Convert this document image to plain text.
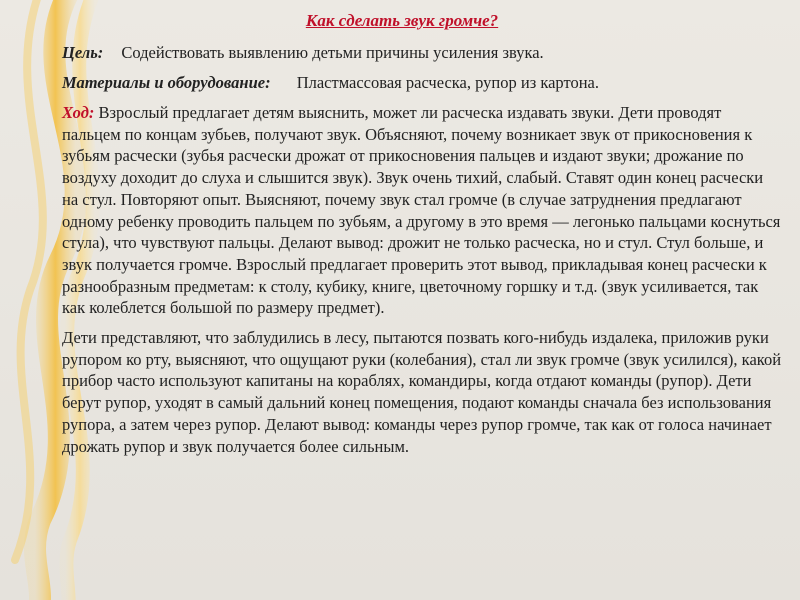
Как сделать звук громче?
Цель: Содействовать выявлению детьми причины усиления звука.
Материалы и оборудование: Пластмассовая расческа, рупор из картона.
Ход: Взрослый предлагает детям выяснить, может ли расческа издавать звуки. Дети проводят пальцем по концам зубьев, получают звук. Объясняют, почему возникает звук от прикосновения к зубьям расчески (зубья расчески дрожат от прикосновения пальцев и издают звуки; дрожание по воздуху доходит до слуха и слышится звук). Звук очень тихий, слабый. Ставят один конец расчески на стул. Повторяют опыт. Выясняют, почему звук стал громче (в случае затруднения предлагают одному ребенку проводить пальцем по зубьям, а другому в это время — легонько пальцами коснуться стула), что чувствуют пальцы. Делают вывод: дрожит не только расческа, но и стул. Стул больше, и звук получается громче. Взрослый предлагает проверить этот вывод, прикладывая конец расчески к разнообразным предметам: к столу, кубику, книге, цветочному горшку и т.д. (звук усиливается, так как колеблется большой по размеру предмет).
Дети представляют, что заблудились в лесу, пытаются позвать кого-нибудь издалека, приложив руки рупором ко рту, выясняют, что ощущают руки (колебания), стал ли звук громче (звук усилился), какой прибор часто используют капитаны на кораблях, командиры, когда отдают команды (рупор). Дети берут рупор, уходят в самый дальний конец помещения, подают команды сначала без использования рупора, а затем через рупор. Делают вывод: команды через рупор громче, так как от голоса начинает дрожать рупор и звук получается более сильным.
